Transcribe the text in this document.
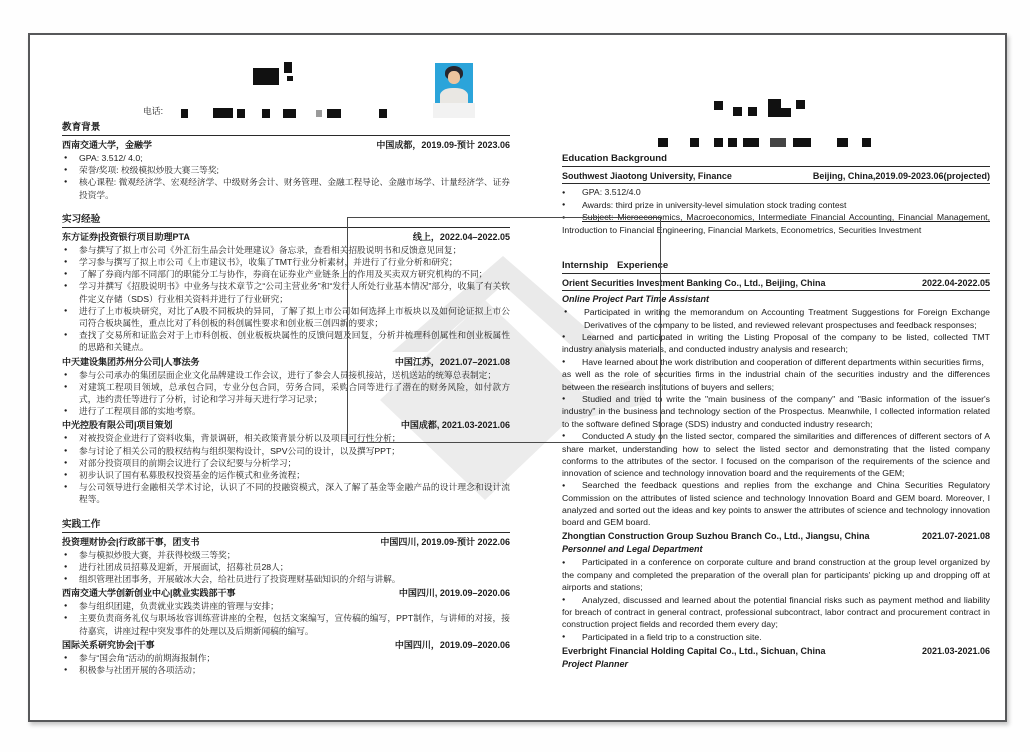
电话:
教育背景
西南交通大学，金融学	中国成都，2019.09-预计 2023.06
● GPA: 3.512/ 4.0;
● 荣誉/奖项: 校级模拟炒股大赛三等奖;
● 核心课程: 微观经济学、宏观经济学、中级财务会计、财务管理、金融工程导论、金融市场学、计量经济学、证券投资学。
实习经验
东方证券|投资银行项目助理PTA	线上，2022.04–2022.05
● 参与撰写了拟上市公司《外汇衍生品会计处理建议》备忘录，查看相关招股说明书和反馈意见回复；
● 学习参与撰写了拟上市公司《上市建议书》，收集了TMT行业分析素材，并进行了行业分析和研究；
● 了解了券商内部不同部门的职能分工与协作，券商在证券业产业链条上的作用及买卖双方研究机构的不同；
● 学习并撰写《招股说明书》中业务与技术章节之“公司主营业务”和“发行人所处行业基本情况”部分，收集了有关软件定义存储（SDS）行业相关资料并进行了行业研究；
● 进行了上市板块研究，对比了A股不同板块的异同，了解了拟上市公司如何选择上市板块以及如何论证拟上市公司符合板块属性，重点比对了科创板的科创属性要求和创业板三创四新的要求；
● 查找了交易所和证监会对于上市科创板、创业板板块属性的反馈问题及回复，分析并梳理科创属性和创业板属性的思路和关键点。
中天建设集团苏州分公司|人事法务	中国江苏，2021.07–2021.08
● 参与公司承办的集团层面企业文化品牌建设工作会议，进行了参会人员接机接站，送机送站的统筹总表制定；
● 对建筑工程项目领域，总承包合同，专业分包合同，劳务合同，采购合同等进行了潜在的财务风险，如付款方式，违约责任等进行了分析，讨论和学习并每天进行学习记录；
● 进行了工程项目部的实地考察。
中光控股有限公司|项目策划	中国成都, 2021.03-2021.06
● 对被投资企业进行了资料收集，背景调研，相关政策背景分析以及项目可行性分析；
● 参与讨论了相关公司的股权结构与组织架构设计，SPV公司的设计，以及撰写PPT；
● 对部分投资项目的前期会议进行了会议纪要与分析学习；
● 初步认识了国有私募股权投资基金的运作模式和业务流程；
● 与公司领导进行金融相关学术讨论，认识了不同的投融资模式，深入了解了基金等金融产品的设计理念和设计流程等。
实践工作
投资理财协会|行政部干事，团支书	中国四川, 2019.09-预计 2022.06
● 参与模拟炒股大赛，并获得校级三等奖；
● 进行社团成员招募及迎新，开展面试，招募社员28人；
● 组织管理社团事务，开展破冰大会，给社员进行了投资理财基础知识的介绍与讲解。
西南交通大学创新创业中心|就业实践部干事	中国四川, 2019.09–2020.06
● 参与组织团建，负责就业实践类讲座的管理与安排；
● 主要负责商务礼仪与职场妆容训练营讲座的全程，包括文案编写，宣传稿的编写，PPT制作，与讲师的对接，接待嘉宾，讲座过程中突发事件的处理以及后期新闻稿的编写。
国际关系研究协会|干事	中国四川，2019.09–2020.06
● 参与“国会角”活动的前期海报制作；
● 积极参与社团开展的各项活动；
Education Background
Southwest Jiaotong University, Finance	Beijing, China,2019.09-2023.06(projected)
● GPA: 3.512/4.0
● Awards: third prize in university-level simulation stock trading contest
● Subject: Microeconomics, Macroeconomics, Intermediate Financial Accounting, Financial Management, Introduction to Financial Engineering, Financial Markets, Econometrics, Securities Investment
Internship Experience
Orient Securities Investment Banking Co., Ltd., Beijing, China	2022.04-2022.05
Online Project Part Time Assistant
● Participated in writing the memorandum on Accounting Treatment Suggestions for Foreign Exchange Derivatives of the company to be listed, and reviewed relevant prospectuses and feedback responses;
● Learned and participated in writing the Listing Proposal of the company to be listed, collected TMT industry analysis materials, and conducted industry analysis and research;
● Have learned about the work distribution and cooperation of different departments within securities firms， as well as the role of securities firms in the industrial chain of the securities industry and the differences between the research institutions of buyers and sellers;
● Studied and tried to write the "main business of the company" and "Basic information of the issuer's industry" in the business and technology section of the Prospectus. Meanwhile, I collected information related to the software defined Storage (SDS) industry and conducted industry research;
● Conducted A study on the listed sector, compared the similarities and differences of different sectors of A share market, understanding how to select the listed sector and demonstrating that the listed company conforms to the attributes of the sector. I focused on the comparison of the requirements of the science and innovation of science and technology innovation board and the requirements of the GEM;
● Searched the feedback questions and replies from the exchange and China Securities Regulatory Commission on the attributes of listed science and technology Innovation Board and GEM board. Moreover, I analyzed and sorted out the ideas and key points to answer the attributes of science and technology innovation board and GEM board.
Zhongtian Construction Group Suzhou Branch Co., Ltd., Jiangsu, China	2021.07-2021.08
Personnel and Legal Department
● Participated in a conference on corporate culture and brand construction at the group level organized by the company and completed the preparation of the overall plan for participants' picking up and dropping off at airports and stations;
● Analyzed, discussed and learned about the potential financial risks such as payment method and liability for breach of contract in general contract, professional subcontract, labor contract and procurement contract in construction project fields and recorded them every day;
● Participated in a field trip to a construction site.
Everbright Financial Holding Capital Co., Ltd., Sichuan, China	2021.03-2021.06
Project Planner
